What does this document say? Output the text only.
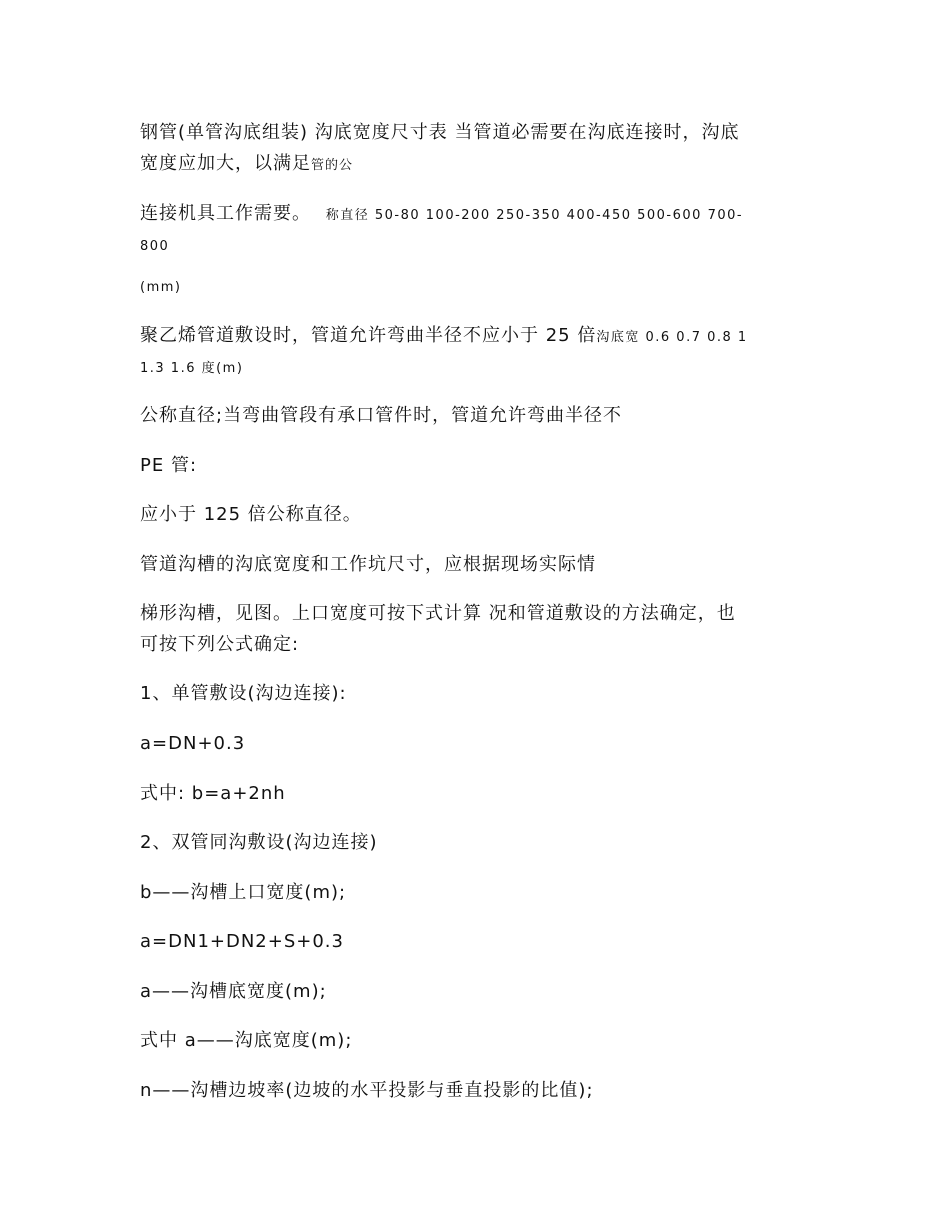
钢管(单管沟底组装) 沟底宽度尺寸表 当管道必需要在沟底连接时，沟底
宽度应加大，以满足管的公
连接机具工作需要。 称直径 50-80 100-200 250-350 400-450 500-600 700-
800
(mm)
聚乙烯管道敷设时，管道允许弯曲半径不应小于 25 倍沟底宽 0.6 0.7 0.8 1
1.3 1.6 度(m)
公称直径;当弯曲管段有承口管件时，管道允许弯曲半径不
PE 管:
应小于 125 倍公称直径。
管道沟槽的沟底宽度和工作坑尺寸，应根据现场实际情
梯形沟槽，见图。上口宽度可按下式计算 况和管道敷设的方法确定，也
可按下列公式确定:
1、单管敷设(沟边连接):
a=DN+0.3
式中: b=a+2nh
2、双管同沟敷设(沟边连接)
b——沟槽上口宽度(m);
a=DN1+DN2+S+0.3
a——沟槽底宽度(m);
式中 a——沟底宽度(m);
n——沟槽边坡率(边坡的水平投影与垂直投影的比值);
